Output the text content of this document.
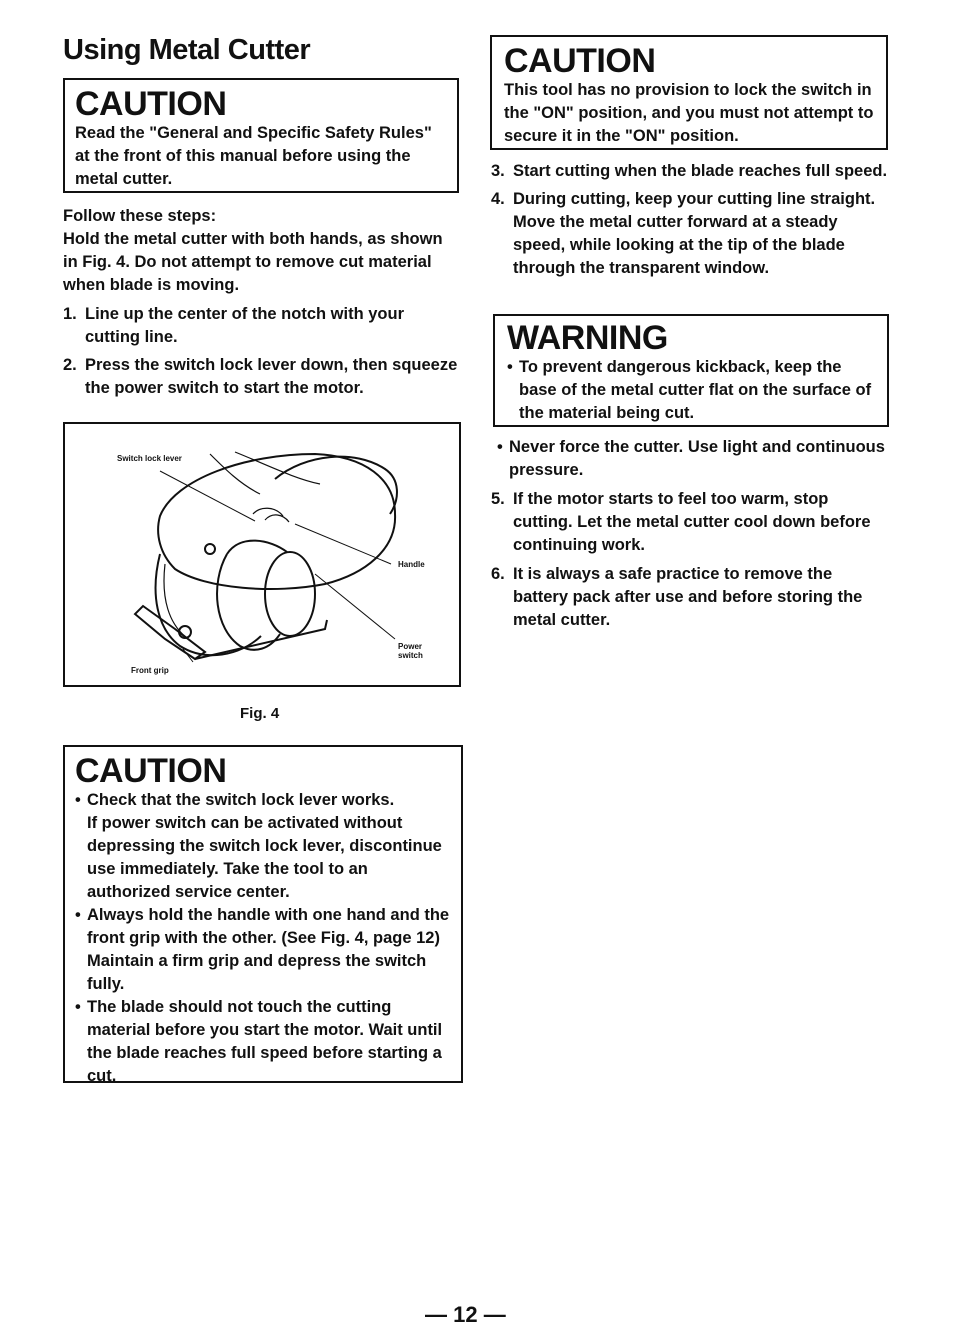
Using Metal Cutter
CAUTION
Read the "General and Specific Safety Rules" at the front of this manual before using the metal cutter.

Follow these steps:

Hold the metal cutter with both hands, as shown in Fig. 4. Do not attempt to remove cut material when blade is moving.

1. Line up the center of the notch with your cutting line.
2. Press the switch lock lever down, then squeeze the power switch to start the motor.
Switch lock lever
Handle
Power switch
Front grip
Fig. 4
CAUTION
• Check that the switch lock lever works.
If power switch can be activated without depressing the switch lock lever, discontinue use immediately. Take the tool to an authorized service center.
• Always hold the handle with one hand and the front grip with the other. (See Fig. 4, page 12) Maintain a firm grip and depress the switch fully.
• The blade should not touch the cutting material before you start the motor. Wait until the blade reaches full speed before starting a cut.
CAUTION
This tool has no provision to lock the switch in the "ON" position, and you must not attempt to secure it in the "ON" position.
3. Start cutting when the blade reaches full speed.
4. During cutting, keep your cutting line straight. Move the metal cutter forward at a steady speed, while looking at the tip of the blade through the transparent window.
WARNING
• To prevent dangerous kickback, keep the base of the metal cutter flat on the surface of the material being cut.
• Never force the cutter. Use light and continuous pressure.
5. If the motor starts to feel too warm, stop cutting. Let the metal cutter cool down before continuing work.
6. It is always a safe practice to remove the battery pack after use and before storing the metal cutter.
— 12 —
